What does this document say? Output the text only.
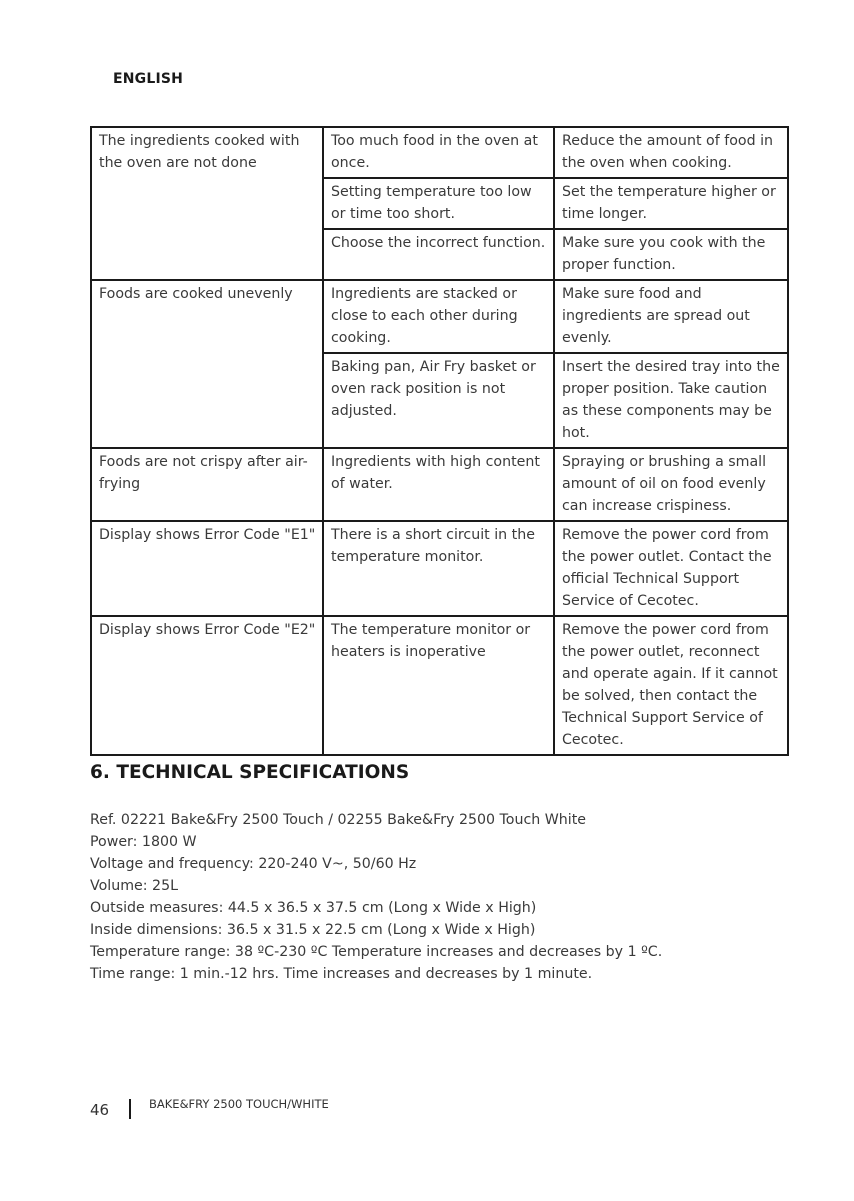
ENGLISH
The ingredients cooked with the oven are not done	Too much food in the oven at once.	Reduce the amount of food in the oven when cooking.
	Setting temperature too low or time too short.	Set the temperature higher or time longer.
	Choose the incorrect function.	Make sure you cook with the proper function.
Foods are cooked unevenly	Ingredients are stacked or close to each other during cooking.	Make sure food and ingredients are spread out evenly.
	Baking pan, Air Fry basket or oven rack position is not adjusted.	Insert the desired tray into the proper position. Take caution as these components may be hot.
Foods are not crispy after air-frying	Ingredients with high content of water.	Spraying or brushing a small amount of oil on food evenly can increase crispiness.
Display shows Error Code "E1"	There is a short circuit in the temperature monitor.	Remove the power cord from the power outlet. Contact the official Technical Support Service of Cecotec.
Display shows Error Code "E2"	The temperature monitor or heaters is inoperative	Remove the power cord from the power outlet, reconnect and operate again. If it cannot be solved, then contact the Technical Support Service of Cecotec.
6. TECHNICAL SPECIFICATIONS
Ref. 02221 Bake&Fry 2500 Touch / 02255 Bake&Fry 2500 Touch White
Power: 1800 W
Voltage and frequency: 220-240 V~, 50/60 Hz
Volume: 25L
Outside measures: 44.5 x 36.5 x 37.5 cm (Long x Wide x High)
Inside dimensions: 36.5 x 31.5 x 22.5 cm (Long x Wide x High)
Temperature range: 38 ºC-230 ºC Temperature increases and decreases by 1 ºC.
Time range: 1 min.-12 hrs. Time increases and decreases by 1 minute.
46	BAKE&FRY 2500 TOUCH/WHITE
